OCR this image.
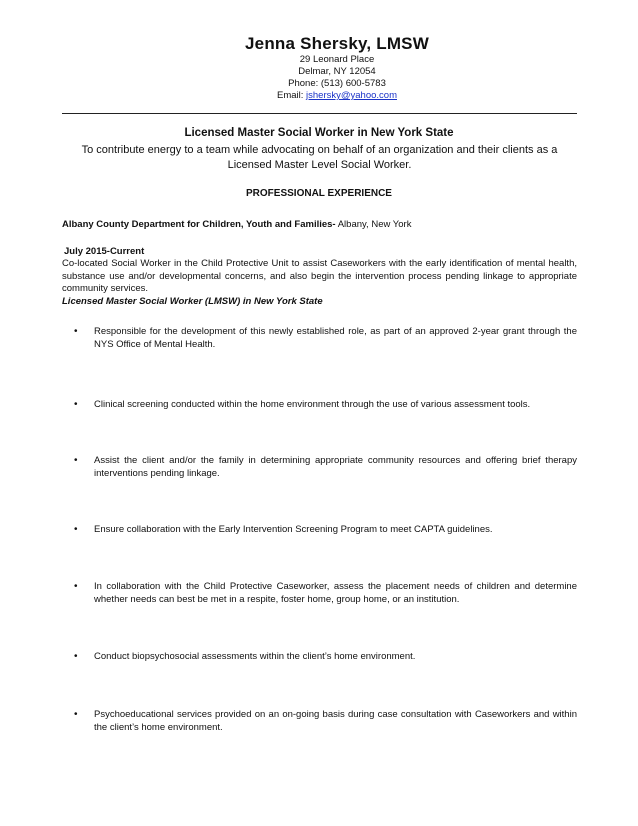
Jenna Shersky, LMSW
29 Leonard Place
Delmar, NY 12054
Phone: (513) 600-5783
Email: jshersky@yahoo.com
Licensed Master Social Worker in New York State
To contribute energy to a team while advocating on behalf of an organization and their clients as a Licensed Master Level Social Worker.
PROFESSIONAL EXPERIENCE
Albany County Department for Children, Youth and Families- Albany, New York
July 2015-Current
Co-located Social Worker in the Child Protective Unit to assist Caseworkers with the early identification of mental health, substance use and/or developmental concerns, and also begin the intervention process pending linkage to appropriate community services.
Licensed Master Social Worker (LMSW) in New York State
• Responsible for the development of this newly established role, as part of an approved 2-year grant through the NYS Office of Mental Health.
• Clinical screening conducted within the home environment through the use of various assessment tools.
• Assist the client and/or the family in determining appropriate community resources and offering brief therapy interventions pending linkage.
• Ensure collaboration with the Early Intervention Screening Program to meet CAPTA guidelines.
• In collaboration with the Child Protective Caseworker, assess the placement needs of children and determine whether needs can best be met in a respite, foster home, group home, or an institution.
• Conduct biopsychosocial assessments within the client’s home environment.
• Psychoeducational services provided on an on-going basis during case consultation with Caseworkers and within the client’s home environment.
